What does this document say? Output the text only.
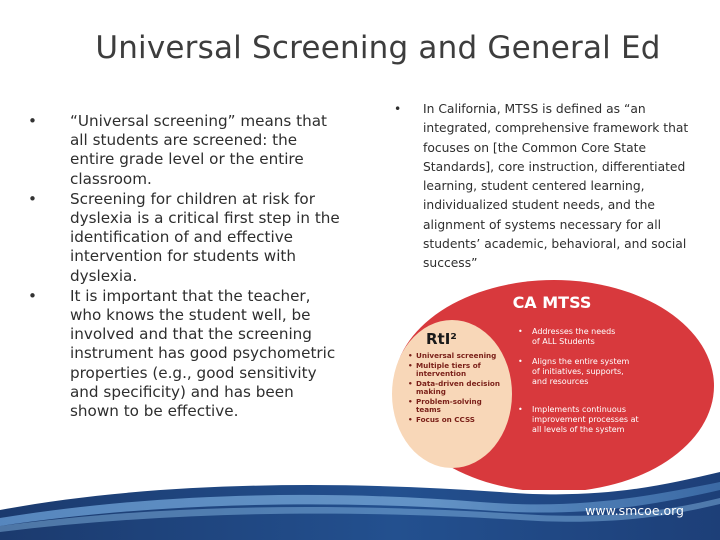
Universal Screening and General Ed
•	“Universal screening” means that all students are screened: the entire grade level or the entire classroom.
•	Screening for children at risk for dyslexia is a critical first step in the identification of and effective intervention for students with dyslexia.
•	It is important that the teacher, who knows the student well, be involved and that the screening instrument has good psychometric properties (e.g., good sensitivity and specificity) and has been shown to be effective.
• In California, MTSS is defined as “an integrated, comprehensive framework that focuses on [the Common Core State Standards], core instruction, differentiated learning, student centered learning, individualized student needs, and the alignment of systems necessary for all students’ academic, behavioral, and social success”
CA MTSS
RtI²
• Universal screening
• Multiple tiers of intervention
• Data-driven decision making
• Problem-solving teams
• Focus on CCSS
• Addresses the needs of ALL Students
• Aligns the entire system of initiatives, supports, and resources
• Implements continuous improvement processes at all levels of the system
www.smcoe.org
